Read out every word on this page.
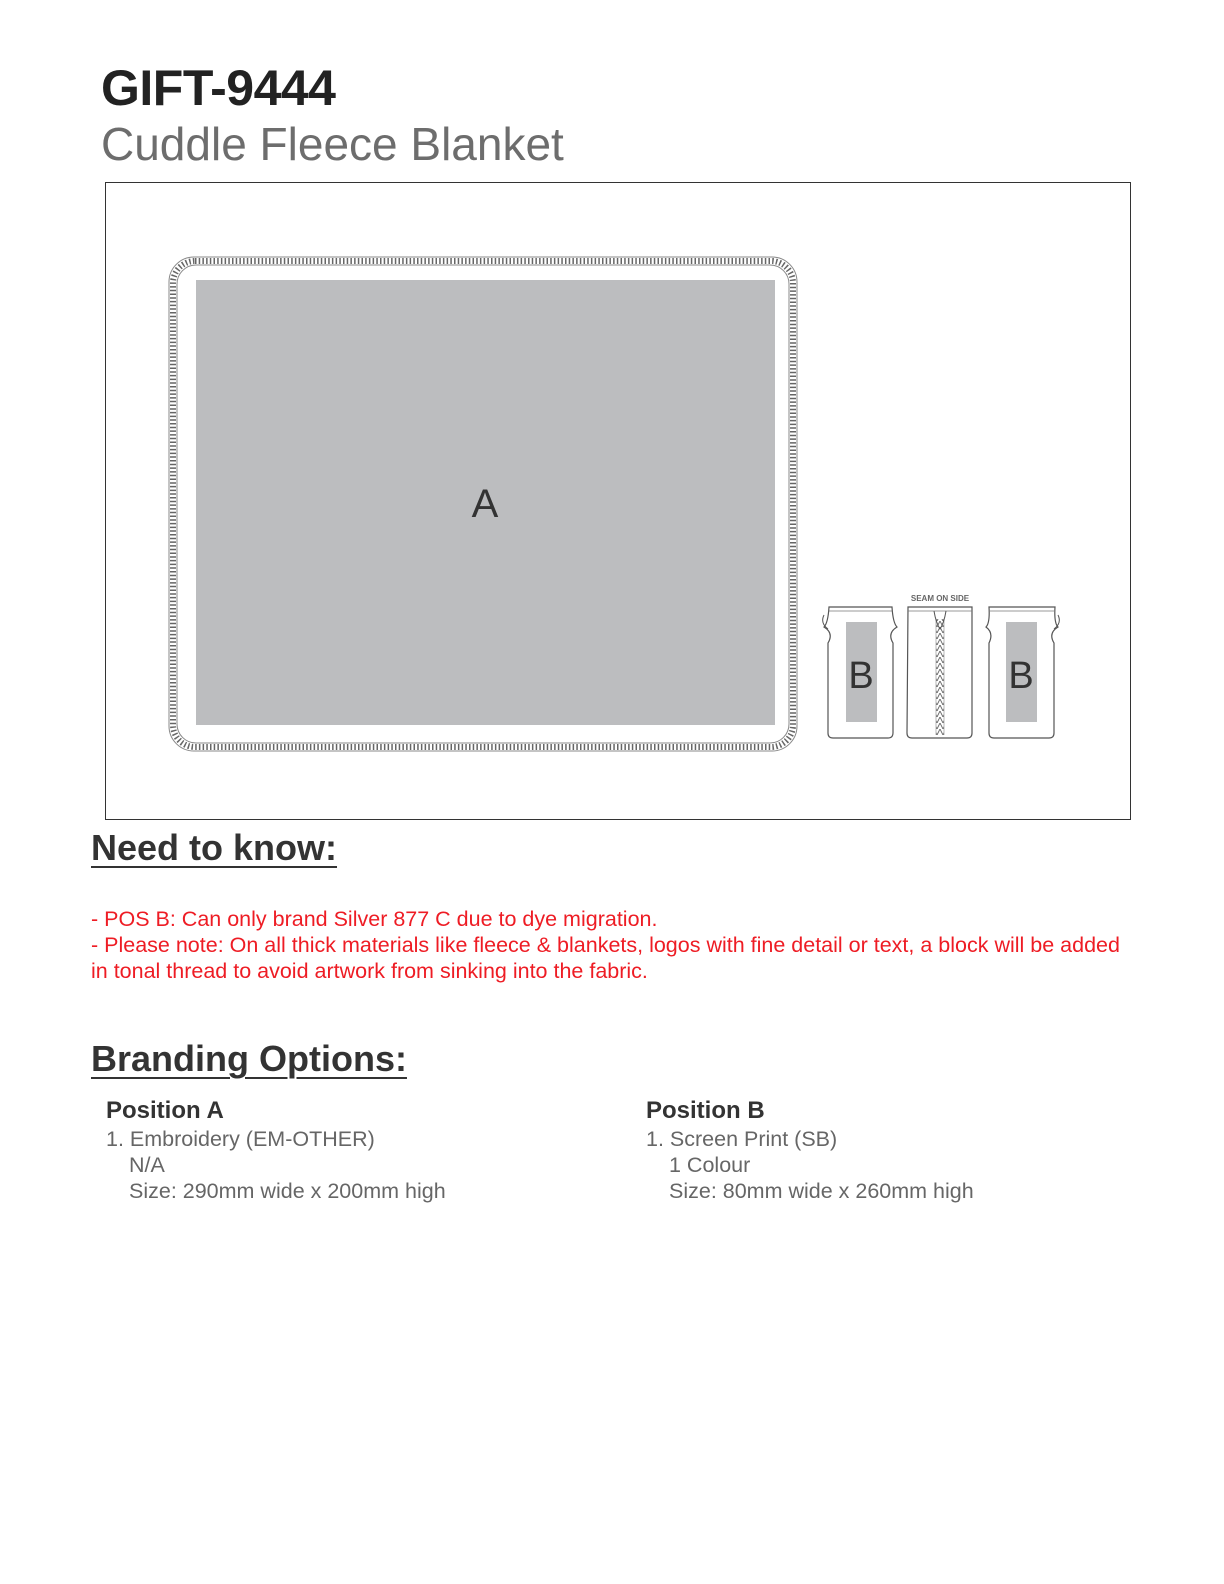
GIFT-9444
Cuddle Fleece Blanket
A
B
SEAM ON SIDE
B
Need to know:

- POS B: Can only brand Silver 877 C due to dye migration.

- Please note: On all thick materials like fleece & blankets, logos with fine detail or text, a block will be added in tonal thread to avoid artwork from sinking into the fabric.

Branding Options:
Position A
1. Embroidery (EM-OTHER)
N/A
Size: 290mm wide x 200mm high
Position B
1. Screen Print (SB)
1 Colour
Size: 80mm wide x 260mm high
